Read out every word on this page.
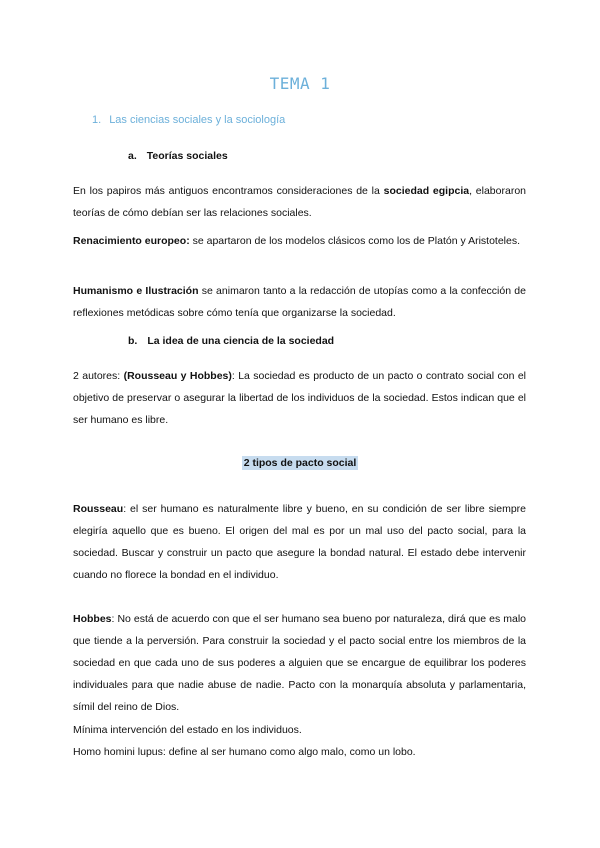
TEMA 1
1. Las ciencias sociales y la sociología
a. Teorías sociales
En los papiros más antiguos encontramos consideraciones de la sociedad egipcia, elaboraron teorías de cómo debían ser las relaciones sociales.
Renacimiento europeo: se apartaron de los modelos clásicos como los de Platón y Aristoteles.
Humanismo e Ilustración se animaron tanto a la redacción de utopías como a la confección de reflexiones metódicas sobre cómo tenía que organizarse la sociedad.
b. La idea de una ciencia de la sociedad
2 autores: (Rousseau y Hobbes): La sociedad es producto de un pacto o contrato social con el objetivo de preservar o asegurar la libertad de los individuos de la sociedad. Estos indican que el ser humano es libre.
2 tipos de pacto social
Rousseau: el ser humano es naturalmente libre y bueno, en su condición de ser libre siempre elegiría aquello que es bueno. El origen del mal es por un mal uso del pacto social, para la sociedad. Buscar y construir un pacto que asegure la bondad natural. El estado debe intervenir cuando no florece la bondad en el individuo.
Hobbes: No está de acuerdo con que el ser humano sea bueno por naturaleza, dirá que es malo que tiende a la perversión. Para construir la sociedad y el pacto social entre los miembros de la sociedad en que cada uno de sus poderes a alguien que se encargue de equilibrar los poderes individuales para que nadie abuse de nadie. Pacto con la monarquía absoluta y parlamentaria, símil del reino de Dios.
Mínima intervención del estado en los individuos.
Homo homini lupus: define al ser humano como algo malo, como un lobo.
